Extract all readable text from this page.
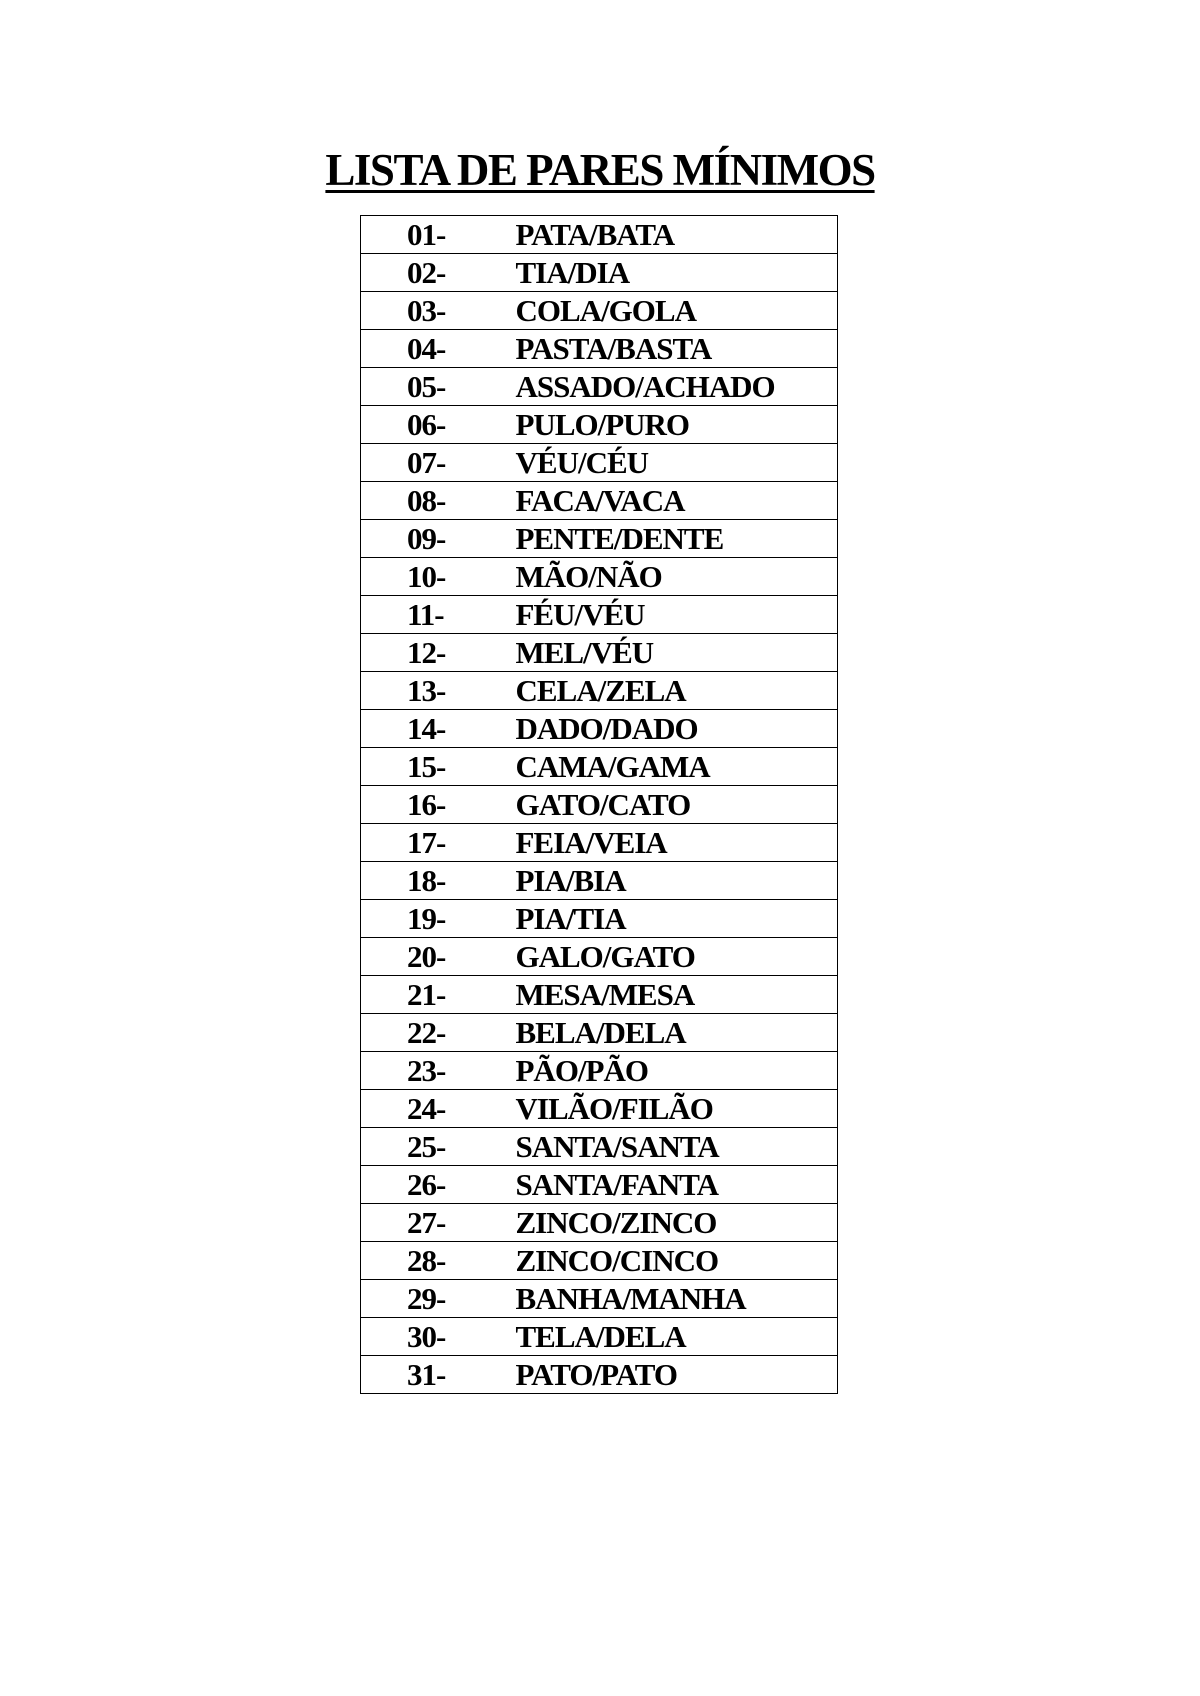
LISTA DE PARES MÍNIMOS
01-	PATA/BATA
02-	TIA/DIA
03-	COLA/GOLA
04-	PASTA/BASTA
05-	ASSADO/ACHADO
06-	PULO/PURO
07-	VÉU/CÉU
08-	FACA/VACA
09-	PENTE/DENTE
10-	MÃO/NÃO
11-	FÉU/VÉU
12-	MEL/VÉU
13-	CELA/ZELA
14-	DADO/DADO
15-	CAMA/GAMA
16-	GATO/CATO
17-	FEIA/VEIA
18-	PIA/BIA
19-	PIA/TIA
20-	GALO/GATO
21-	MESA/MESA
22-	BELA/DELA
23-	PÃO/PÃO
24-	VILÃO/FILÃO
25-	SANTA/SANTA
26-	SANTA/FANTA
27-	ZINCO/ZINCO
28-	ZINCO/CINCO
29-	BANHA/MANHA
30-	TELA/DELA
31-	PATO/PATO
